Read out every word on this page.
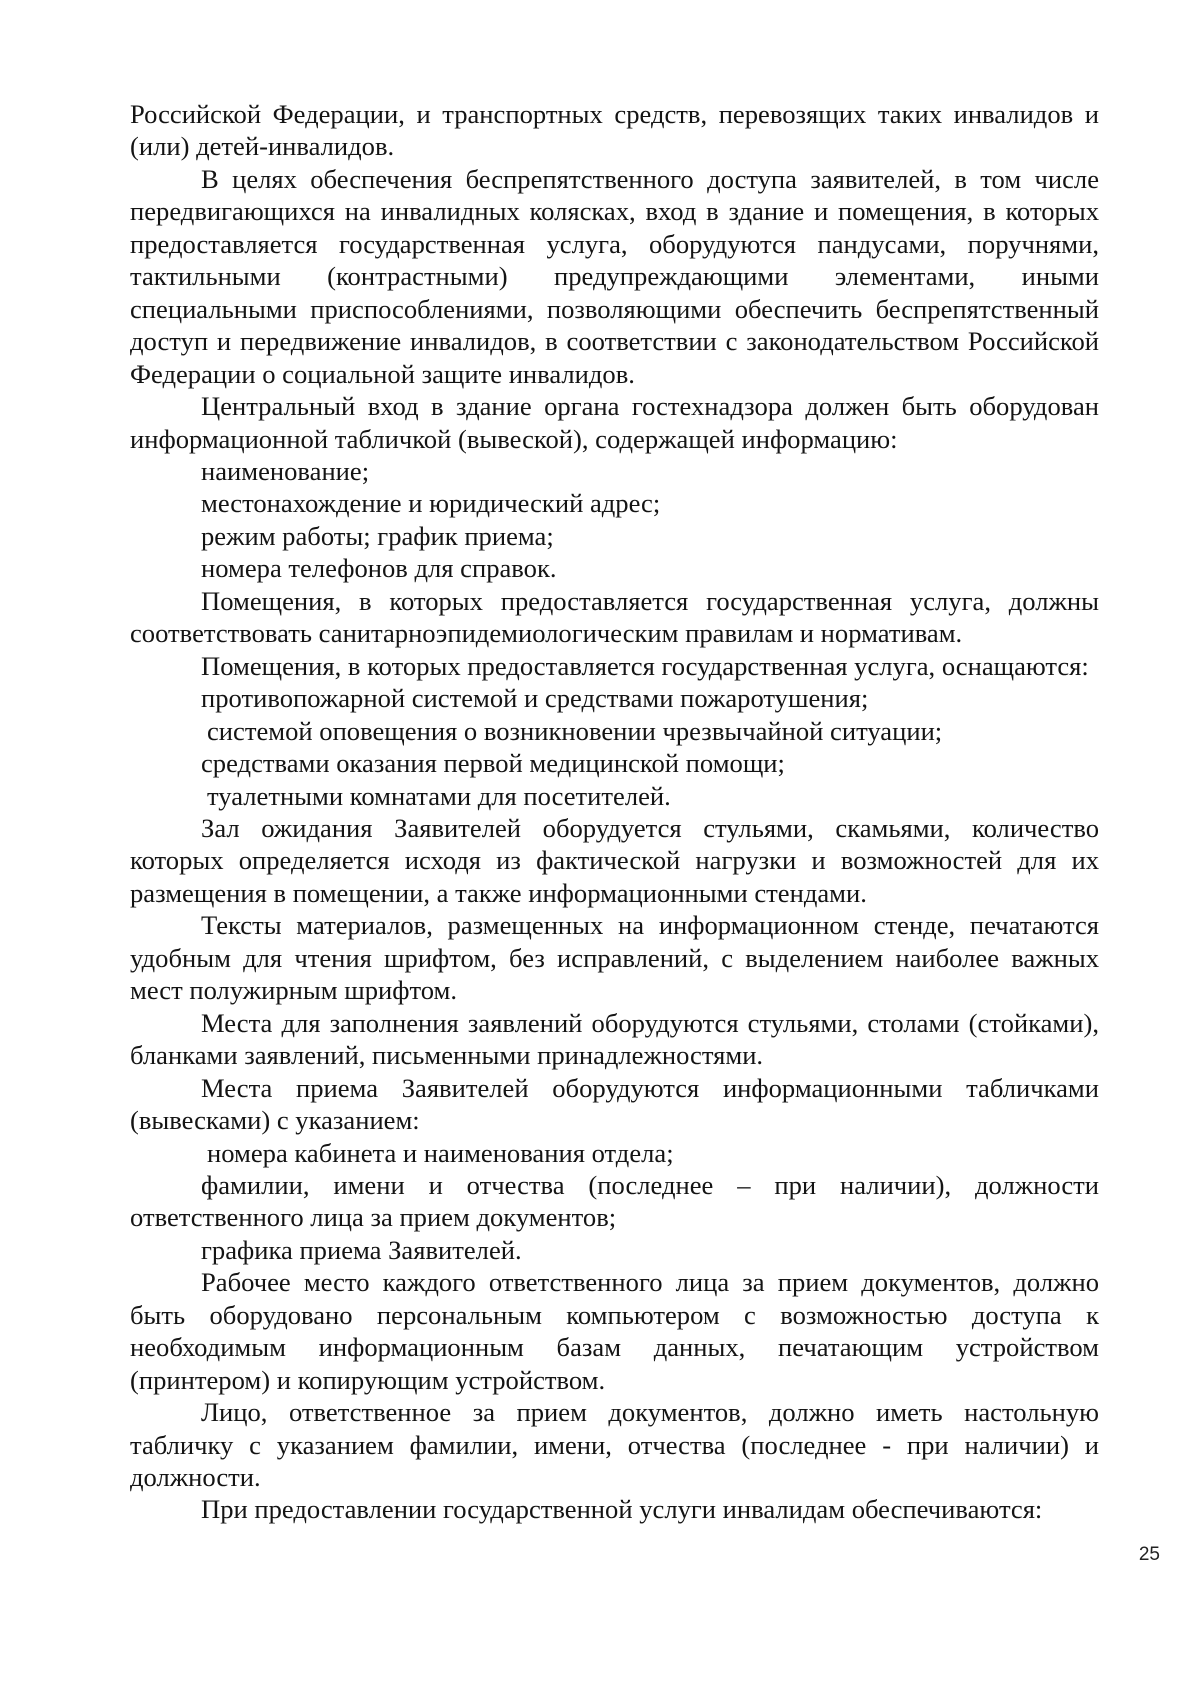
Российской Федерации, и транспортных средств, перевозящих таких инвалидов и (или) детей-инвалидов.

В целях обеспечения беспрепятственного доступа заявителей, в том числе передвигающихся на инвалидных колясках, вход в здание и помещения, в которых предоставляется государственная услуга, оборудуются пандусами, поручнями, тактильными (контрастными) предупреждающими элементами, иными специальными приспособлениями, позволяющими обеспечить беспрепятственный доступ и передвижение инвалидов, в соответствии с законодательством Российской Федерации о социальной защите инвалидов.

Центральный вход в здание органа гостехнадзора должен быть оборудован информационной табличкой (вывеской), содержащей информацию:

наименование;

местонахождение и юридический адрес;

режим работы; график приема;

номера телефонов для справок.

Помещения, в которых предоставляется государственная услуга, должны соответствовать санитарноэпидемиологическим правилам и нормативам.

Помещения, в которых предоставляется государственная услуга, оснащаются:

противопожарной системой и средствами пожаротушения;

системой оповещения о возникновении чрезвычайной ситуации;

средствами оказания первой медицинской помощи;

туалетными комнатами для посетителей.

Зал ожидания Заявителей оборудуется стульями, скамьями, количество которых определяется исходя из фактической нагрузки и возможностей для их размещения в помещении, а также информационными стендами.

Тексты материалов, размещенных на информационном стенде, печатаются удобным для чтения шрифтом, без исправлений, с выделением наиболее важных мест полужирным шрифтом.

Места для заполнения заявлений оборудуются стульями, столами (стойками), бланками заявлений, письменными принадлежностями.

Места приема Заявителей оборудуются информационными табличками (вывесками) с указанием:

номера кабинета и наименования отдела;

фамилии, имени и отчества (последнее – при наличии), должности ответственного лица за прием документов;

графика приема Заявителей.

Рабочее место каждого ответственного лица за прием документов, должно быть оборудовано персональным компьютером с возможностью доступа к необходимым информационным базам данных, печатающим устройством (принтером) и копирующим устройством.

Лицо, ответственное за прием документов, должно иметь настольную табличку с указанием фамилии, имени, отчества (последнее - при наличии) и должности.

При предоставлении государственной услуги инвалидам обеспечиваются:

25
